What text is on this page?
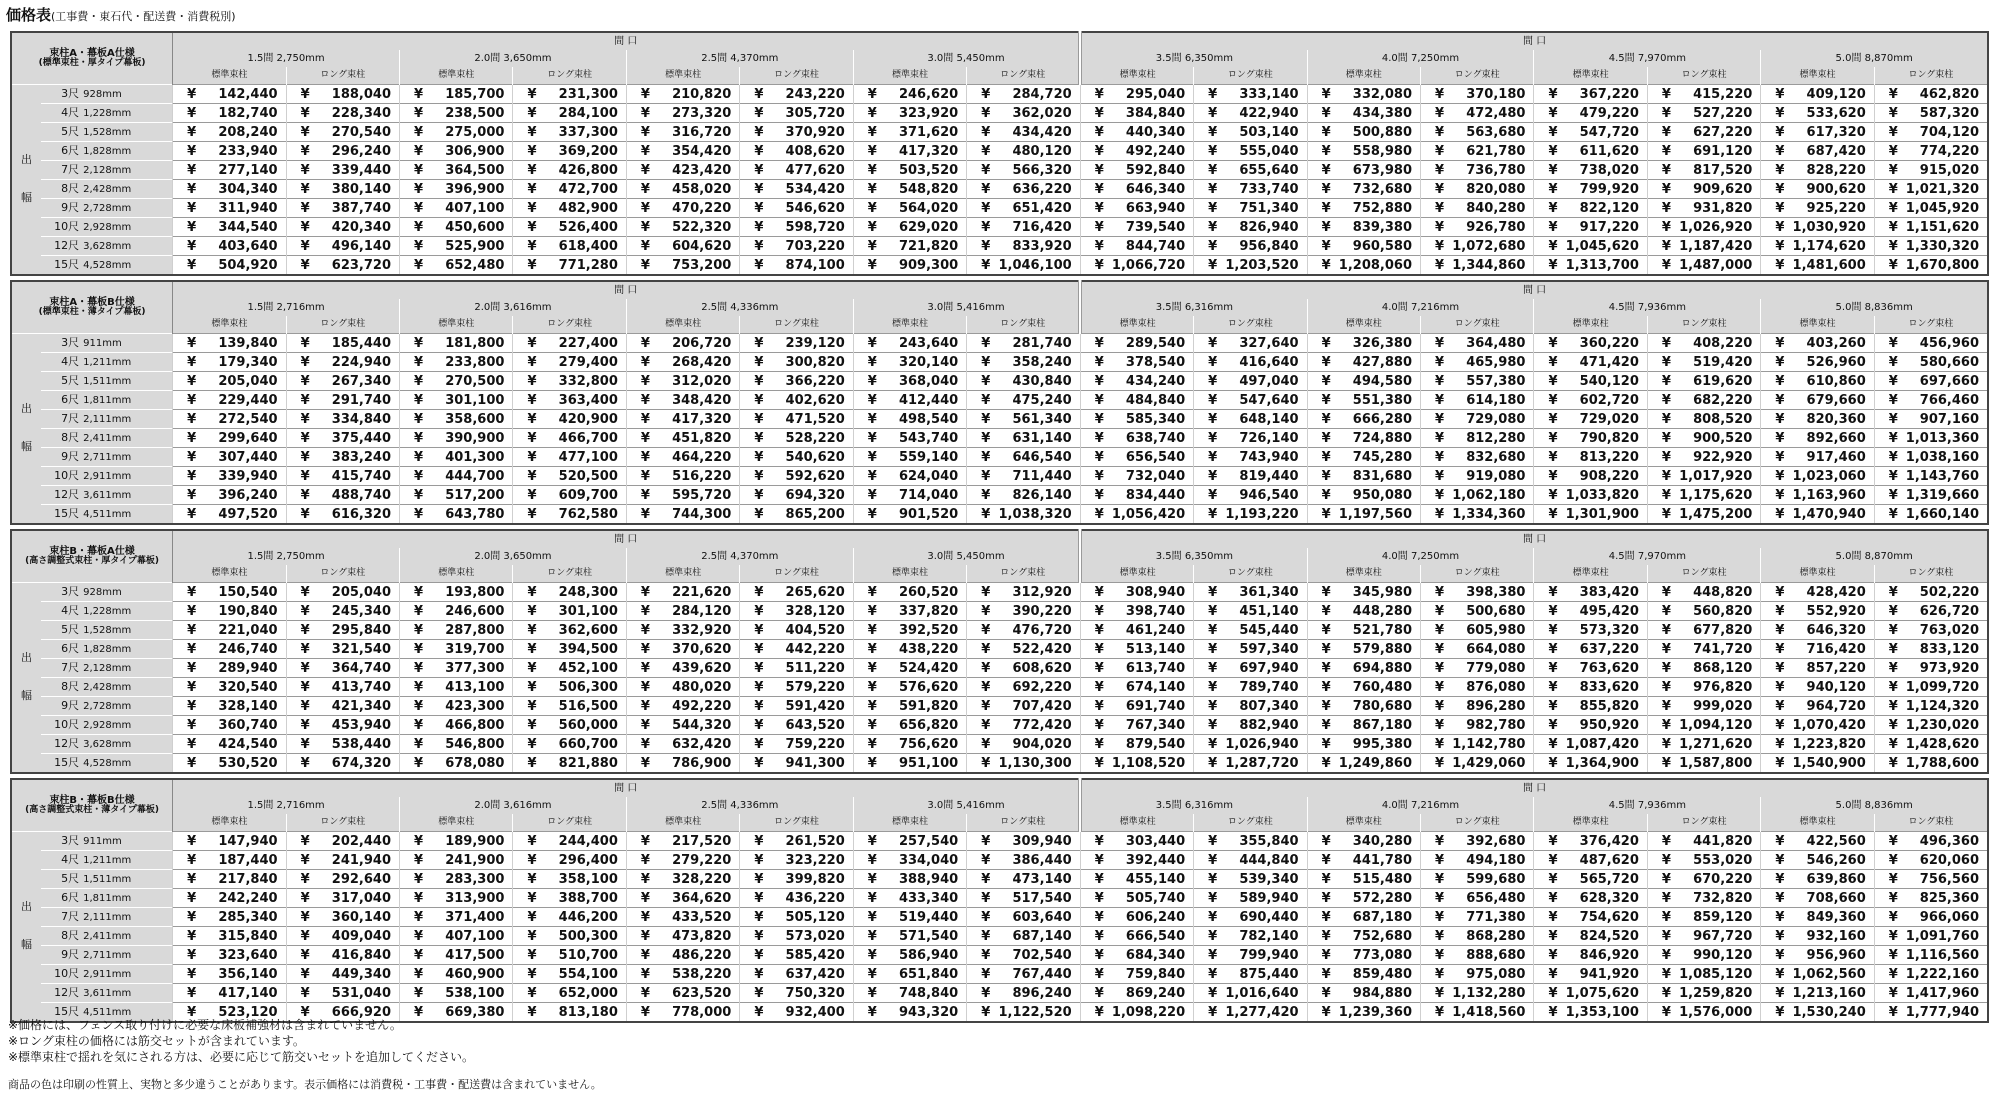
価格表(工事費・東石代・配送費・消費税別)
束柱A・幕板A仕様
(標準束柱・厚タイプ幕板)		間 口								間 口							
		1.5間 2,750mm		2.0間 3,650mm		2.5間 4,370mm		3.0間 5,450mm		3.5間 6,350mm		4.0間 7,250mm		4.5間 7,970mm		5.0間 8,870mm	
		標準束柱	ロング束柱	標準束柱	ロング束柱	標準束柱	ロング束柱	標準束柱	ロング束柱	標準束柱	ロング束柱	標準束柱	ロング束柱	標準束柱	ロング束柱	標準束柱	ロング束柱

出
幅	3尺 928mm	¥ 142,440	¥ 188,040	¥ 185,700	¥ 231,300	¥ 210,820	¥ 243,220	¥ 246,620	¥ 284,720	¥ 295,040	¥ 333,140	¥ 332,080	¥ 370,180	¥ 367,220	¥ 415,220	¥ 409,120	¥ 462,820

	4尺 1,228mm	¥ 182,740	¥ 228,340	¥ 238,500	¥ 284,100	¥ 273,320	¥ 305,720	¥ 323,920	¥ 362,020	¥ 384,840	¥ 422,940	¥ 434,380	¥ 472,480	¥ 479,220	¥ 527,220	¥ 533,620	¥ 587,320

	5尺 1,528mm	¥ 208,240	¥ 270,540	¥ 275,000	¥ 337,300	¥ 316,720	¥ 370,920	¥ 371,620	¥ 434,420	¥ 440,340	¥ 503,140	¥ 500,880	¥ 563,680	¥ 547,720	¥ 627,220	¥ 617,320	¥ 704,120

	6尺 1,828mm	¥ 233,940	¥ 296,240	¥ 306,900	¥ 369,200	¥ 354,420	¥ 408,620	¥ 417,320	¥ 480,120	¥ 492,240	¥ 555,040	¥ 558,980	¥ 621,780	¥ 611,620	¥ 691,120	¥ 687,420	¥ 774,220

	7尺 2,128mm	¥ 277,140	¥ 339,440	¥ 364,500	¥ 426,800	¥ 423,420	¥ 477,620	¥ 503,520	¥ 566,320	¥ 592,840	¥ 655,640	¥ 673,980	¥ 736,780	¥ 738,020	¥ 817,520	¥ 828,220	¥ 915,020

	8尺 2,428mm	¥ 304,340	¥ 380,140	¥ 396,900	¥ 472,700	¥ 458,020	¥ 534,420	¥ 548,820	¥ 636,220	¥ 646,340	¥ 733,740	¥ 732,680	¥ 820,080	¥ 799,920	¥ 909,620	¥ 900,620	¥ 1,021,320

	9尺 2,728mm	¥ 311,940	¥ 387,740	¥ 407,100	¥ 482,900	¥ 470,220	¥ 546,620	¥ 564,020	¥ 651,420	¥ 663,940	¥ 751,340	¥ 752,880	¥ 840,280	¥ 822,120	¥ 931,820	¥ 925,220	¥ 1,045,920

	10尺 2,928mm	¥ 344,540	¥ 420,340	¥ 450,600	¥ 526,400	¥ 522,320	¥ 598,720	¥ 629,020	¥ 716,420	¥ 739,540	¥ 826,940	¥ 839,380	¥ 926,780	¥ 917,220	¥ 1,026,920	¥ 1,030,920	¥ 1,151,620

	12尺 3,628mm	¥ 403,640	¥ 496,140	¥ 525,900	¥ 618,400	¥ 604,620	¥ 703,220	¥ 721,820	¥ 833,920	¥ 844,740	¥ 956,840	¥ 960,580	¥ 1,072,680	¥ 1,045,620	¥ 1,187,420	¥ 1,174,620	¥ 1,330,320

	15尺 4,528mm	¥ 504,920	¥ 623,720	¥ 652,480	¥ 771,280	¥ 753,200	¥ 874,100	¥ 909,300	¥ 1,046,100	¥ 1,066,720	¥ 1,203,520	¥ 1,208,060	¥ 1,344,860	¥ 1,313,700	¥ 1,487,000	¥ 1,481,600	¥ 1,670,800
束柱A・幕板B仕様
(標準束柱・薄タイプ幕板)		間 口								間 口							
		1.5間 2,716mm		2.0間 3,616mm		2.5間 4,336mm		3.0間 5,416mm		3.5間 6,316mm		4.0間 7,216mm		4.5間 7,936mm		5.0間 8,836mm	
		標準束柱	ロング束柱	標準束柱	ロング束柱	標準束柱	ロング束柱	標準束柱	ロング束柱	標準束柱	ロング束柱	標準束柱	ロング束柱	標準束柱	ロング束柱	標準束柱	ロング束柱

出
幅	3尺 911mm	¥ 139,840	¥ 185,440	¥ 181,800	¥ 227,400	¥ 206,720	¥ 239,120	¥ 243,640	¥ 281,740	¥ 289,540	¥ 327,640	¥ 326,380	¥ 364,480	¥ 360,220	¥ 408,220	¥ 403,260	¥ 456,960

	4尺 1,211mm	¥ 179,340	¥ 224,940	¥ 233,800	¥ 279,400	¥ 268,420	¥ 300,820	¥ 320,140	¥ 358,240	¥ 378,540	¥ 416,640	¥ 427,880	¥ 465,980	¥ 471,420	¥ 519,420	¥ 526,960	¥ 580,660

	5尺 1,511mm	¥ 205,040	¥ 267,340	¥ 270,500	¥ 332,800	¥ 312,020	¥ 366,220	¥ 368,040	¥ 430,840	¥ 434,240	¥ 497,040	¥ 494,580	¥ 557,380	¥ 540,120	¥ 619,620	¥ 610,860	¥ 697,660

	6尺 1,811mm	¥ 229,440	¥ 291,740	¥ 301,100	¥ 363,400	¥ 348,420	¥ 402,620	¥ 412,440	¥ 475,240	¥ 484,840	¥ 547,640	¥ 551,380	¥ 614,180	¥ 602,720	¥ 682,220	¥ 679,660	¥ 766,460

	7尺 2,111mm	¥ 272,540	¥ 334,840	¥ 358,600	¥ 420,900	¥ 417,320	¥ 471,520	¥ 498,540	¥ 561,340	¥ 585,340	¥ 648,140	¥ 666,280	¥ 729,080	¥ 729,020	¥ 808,520	¥ 820,360	¥ 907,160

	8尺 2,411mm	¥ 299,640	¥ 375,440	¥ 390,900	¥ 466,700	¥ 451,820	¥ 528,220	¥ 543,740	¥ 631,140	¥ 638,740	¥ 726,140	¥ 724,880	¥ 812,280	¥ 790,820	¥ 900,520	¥ 892,660	¥ 1,013,360

	9尺 2,711mm	¥ 307,440	¥ 383,240	¥ 401,300	¥ 477,100	¥ 464,220	¥ 540,620	¥ 559,140	¥ 646,540	¥ 656,540	¥ 743,940	¥ 745,280	¥ 832,680	¥ 813,220	¥ 922,920	¥ 917,460	¥ 1,038,160

	10尺 2,911mm	¥ 339,940	¥ 415,740	¥ 444,700	¥ 520,500	¥ 516,220	¥ 592,620	¥ 624,040	¥ 711,440	¥ 732,040	¥ 819,440	¥ 831,680	¥ 919,080	¥ 908,220	¥ 1,017,920	¥ 1,023,060	¥ 1,143,760

	12尺 3,611mm	¥ 396,240	¥ 488,740	¥ 517,200	¥ 609,700	¥ 595,720	¥ 694,320	¥ 714,040	¥ 826,140	¥ 834,440	¥ 946,540	¥ 950,080	¥ 1,062,180	¥ 1,033,820	¥ 1,175,620	¥ 1,163,960	¥ 1,319,660

	15尺 4,511mm	¥ 497,520	¥ 616,320	¥ 643,780	¥ 762,580	¥ 744,300	¥ 865,200	¥ 901,520	¥ 1,038,320	¥ 1,056,420	¥ 1,193,220	¥ 1,197,560	¥ 1,334,360	¥ 1,301,900	¥ 1,475,200	¥ 1,470,940	¥ 1,660,140
束柱B・幕板A仕様
(高さ調整式束柱・厚タイプ幕板)		間 口								間 口							
		1.5間 2,750mm		2.0間 3,650mm		2.5間 4,370mm		3.0間 5,450mm		3.5間 6,350mm		4.0間 7,250mm		4.5間 7,970mm		5.0間 8,870mm	
		標準束柱	ロング束柱	標準束柱	ロング束柱	標準束柱	ロング束柱	標準束柱	ロング束柱	標準束柱	ロング束柱	標準束柱	ロング束柱	標準束柱	ロング束柱	標準束柱	ロング束柱

出
幅	3尺 928mm	¥ 150,540	¥ 205,040	¥ 193,800	¥ 248,300	¥ 221,620	¥ 265,620	¥ 260,520	¥ 312,920	¥ 308,940	¥ 361,340	¥ 345,980	¥ 398,380	¥ 383,420	¥ 448,820	¥ 428,420	¥ 502,220

	4尺 1,228mm	¥ 190,840	¥ 245,340	¥ 246,600	¥ 301,100	¥ 284,120	¥ 328,120	¥ 337,820	¥ 390,220	¥ 398,740	¥ 451,140	¥ 448,280	¥ 500,680	¥ 495,420	¥ 560,820	¥ 552,920	¥ 626,720

	5尺 1,528mm	¥ 221,040	¥ 295,840	¥ 287,800	¥ 362,600	¥ 332,920	¥ 404,520	¥ 392,520	¥ 476,720	¥ 461,240	¥ 545,440	¥ 521,780	¥ 605,980	¥ 573,320	¥ 677,820	¥ 646,320	¥ 763,020

	6尺 1,828mm	¥ 246,740	¥ 321,540	¥ 319,700	¥ 394,500	¥ 370,620	¥ 442,220	¥ 438,220	¥ 522,420	¥ 513,140	¥ 597,340	¥ 579,880	¥ 664,080	¥ 637,220	¥ 741,720	¥ 716,420	¥ 833,120

	7尺 2,128mm	¥ 289,940	¥ 364,740	¥ 377,300	¥ 452,100	¥ 439,620	¥ 511,220	¥ 524,420	¥ 608,620	¥ 613,740	¥ 697,940	¥ 694,880	¥ 779,080	¥ 763,620	¥ 868,120	¥ 857,220	¥ 973,920

	8尺 2,428mm	¥ 320,540	¥ 413,740	¥ 413,100	¥ 506,300	¥ 480,020	¥ 579,220	¥ 576,620	¥ 692,220	¥ 674,140	¥ 789,740	¥ 760,480	¥ 876,080	¥ 833,620	¥ 976,820	¥ 940,120	¥ 1,099,720

	9尺 2,728mm	¥ 328,140	¥ 421,340	¥ 423,300	¥ 516,500	¥ 492,220	¥ 591,420	¥ 591,820	¥ 707,420	¥ 691,740	¥ 807,340	¥ 780,680	¥ 896,280	¥ 855,820	¥ 999,020	¥ 964,720	¥ 1,124,320

	10尺 2,928mm	¥ 360,740	¥ 453,940	¥ 466,800	¥ 560,000	¥ 544,320	¥ 643,520	¥ 656,820	¥ 772,420	¥ 767,340	¥ 882,940	¥ 867,180	¥ 982,780	¥ 950,920	¥ 1,094,120	¥ 1,070,420	¥ 1,230,020

	12尺 3,628mm	¥ 424,540	¥ 538,440	¥ 546,800	¥ 660,700	¥ 632,420	¥ 759,220	¥ 756,620	¥ 904,020	¥ 879,540	¥ 1,026,940	¥ 995,380	¥ 1,142,780	¥ 1,087,420	¥ 1,271,620	¥ 1,223,820	¥ 1,428,620

	15尺 4,528mm	¥ 530,520	¥ 674,320	¥ 678,080	¥ 821,880	¥ 786,900	¥ 941,300	¥ 951,100	¥ 1,130,300	¥ 1,108,520	¥ 1,287,720	¥ 1,249,860	¥ 1,429,060	¥ 1,364,900	¥ 1,587,800	¥ 1,540,900	¥ 1,788,600
束柱B・幕板B仕様
(高さ調整式束柱・薄タイプ幕板)		間 口								間 口							
		1.5間 2,716mm		2.0間 3,616mm		2.5間 4,336mm		3.0間 5,416mm		3.5間 6,316mm		4.0間 7,216mm		4.5間 7,936mm		5.0間 8,836mm	
		標準束柱	ロング束柱	標準束柱	ロング束柱	標準束柱	ロング束柱	標準束柱	ロング束柱	標準束柱	ロング束柱	標準束柱	ロング束柱	標準束柱	ロング束柱	標準束柱	ロング束柱

出
幅	3尺 911mm	¥ 147,940	¥ 202,440	¥ 189,900	¥ 244,400	¥ 217,520	¥ 261,520	¥ 257,540	¥ 309,940	¥ 303,440	¥ 355,840	¥ 340,280	¥ 392,680	¥ 376,420	¥ 441,820	¥ 422,560	¥ 496,360

	4尺 1,211mm	¥ 187,440	¥ 241,940	¥ 241,900	¥ 296,400	¥ 279,220	¥ 323,220	¥ 334,040	¥ 386,440	¥ 392,440	¥ 444,840	¥ 441,780	¥ 494,180	¥ 487,620	¥ 553,020	¥ 546,260	¥ 620,060

	5尺 1,511mm	¥ 217,840	¥ 292,640	¥ 283,300	¥ 358,100	¥ 328,220	¥ 399,820	¥ 388,940	¥ 473,140	¥ 455,140	¥ 539,340	¥ 515,480	¥ 599,680	¥ 565,720	¥ 670,220	¥ 639,860	¥ 756,560

	6尺 1,811mm	¥ 242,240	¥ 317,040	¥ 313,900	¥ 388,700	¥ 364,620	¥ 436,220	¥ 433,340	¥ 517,540	¥ 505,740	¥ 589,940	¥ 572,280	¥ 656,480	¥ 628,320	¥ 732,820	¥ 708,660	¥ 825,360

	7尺 2,111mm	¥ 285,340	¥ 360,140	¥ 371,400	¥ 446,200	¥ 433,520	¥ 505,120	¥ 519,440	¥ 603,640	¥ 606,240	¥ 690,440	¥ 687,180	¥ 771,380	¥ 754,620	¥ 859,120	¥ 849,360	¥ 966,060

	8尺 2,411mm	¥ 315,840	¥ 409,040	¥ 407,100	¥ 500,300	¥ 473,820	¥ 573,020	¥ 571,540	¥ 687,140	¥ 666,540	¥ 782,140	¥ 752,680	¥ 868,280	¥ 824,520	¥ 967,720	¥ 932,160	¥ 1,091,760

	9尺 2,711mm	¥ 323,640	¥ 416,840	¥ 417,500	¥ 510,700	¥ 486,220	¥ 585,420	¥ 586,940	¥ 702,540	¥ 684,340	¥ 799,940	¥ 773,080	¥ 888,680	¥ 846,920	¥ 990,120	¥ 956,960	¥ 1,116,560

	10尺 2,911mm	¥ 356,140	¥ 449,340	¥ 460,900	¥ 554,100	¥ 538,220	¥ 637,420	¥ 651,840	¥ 767,440	¥ 759,840	¥ 875,440	¥ 859,480	¥ 975,080	¥ 941,920	¥ 1,085,120	¥ 1,062,560	¥ 1,222,160

	12尺 3,611mm	¥ 417,140	¥ 531,040	¥ 538,100	¥ 652,000	¥ 623,520	¥ 750,320	¥ 748,840	¥ 896,240	¥ 869,240	¥ 1,016,640	¥ 984,880	¥ 1,132,280	¥ 1,075,620	¥ 1,259,820	¥ 1,213,160	¥ 1,417,960

	15尺 4,511mm	¥ 523,120	¥ 666,920	¥ 669,380	¥ 813,180	¥ 778,000	¥ 932,400	¥ 943,320	¥ 1,122,520	¥ 1,098,220	¥ 1,277,420	¥ 1,239,360	¥ 1,418,560	¥ 1,353,100	¥ 1,576,000	¥ 1,530,240	¥ 1,777,940
※価格には、フェンス取り付けに必要な床板補強材は含まれていません。
※ロング束柱の価格には筋交セットが含まれています。
※標準束柱で揺れを気にされる方は、必要に応じて筋交いセットを追加してください。
商品の色は印刷の性質上、実物と多少違うことがあります。表示価格には消費税・工事費・配送費は含まれていません。
